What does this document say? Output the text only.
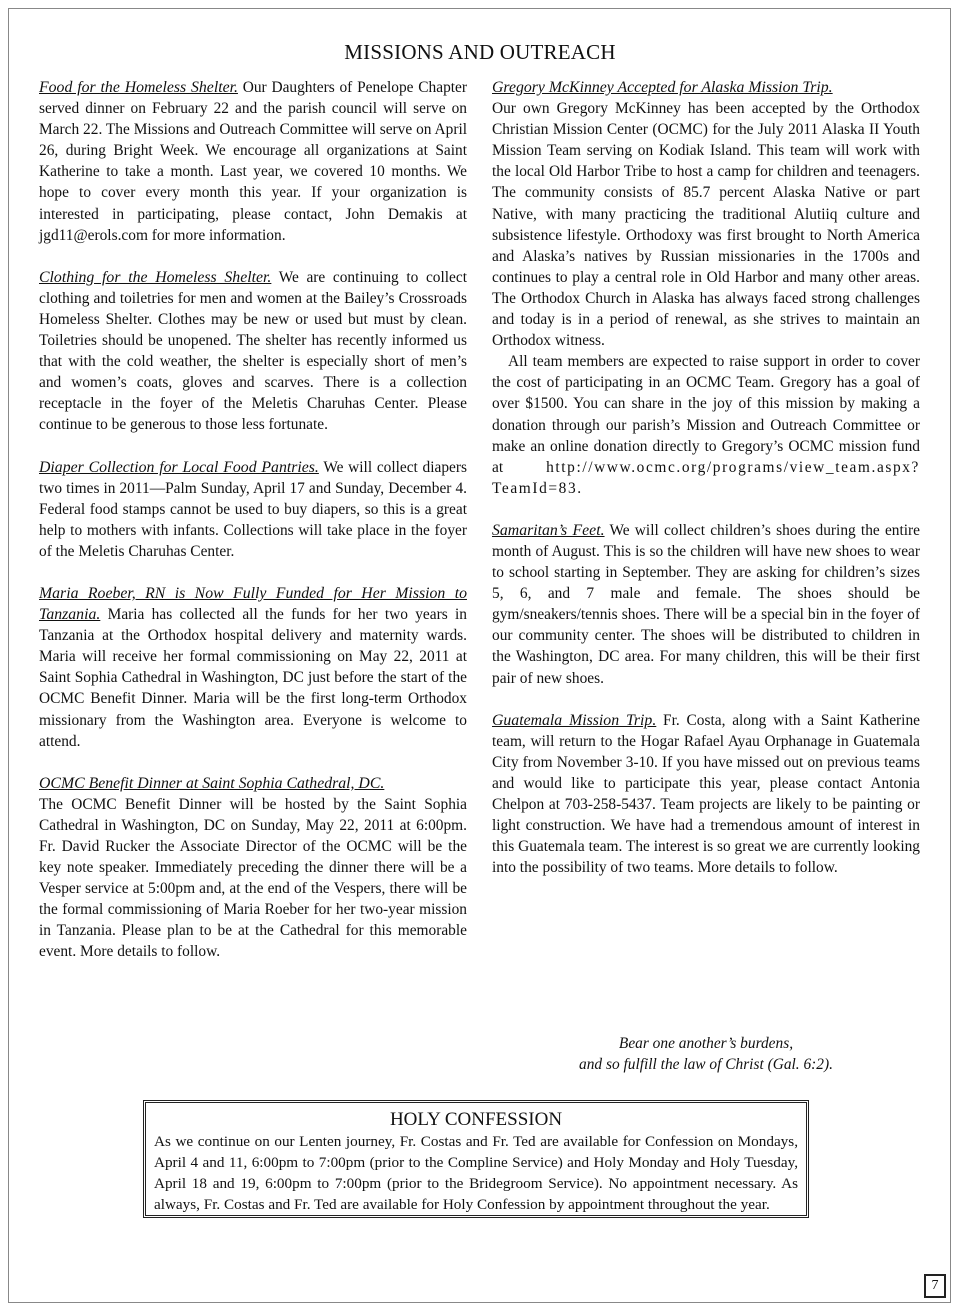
MISSIONS AND OUTREACH

Food for the Homeless Shelter. Our Daughters of Penelope Chapter served dinner on February 22 and the parish council will serve on March 22. The Missions and Outreach Committee will serve on April 26, during Bright Week. We encourage all organizations at Saint Katherine to take a month. Last year, we covered 10 months. We hope to cover every month this year. If your organization is interested in participating, please contact, John Demakis at jgd11@erols.com for more information.

Clothing for the Homeless Shelter. We are continuing to collect clothing and toiletries for men and women at the Bailey’s Crossroads Homeless Shelter. Clothes may be new or used but must by clean. Toiletries should be unopened. The shelter has recently informed us that with the cold weather, the shelter is especially short of men’s and women’s coats, gloves and scarves. There is a collection receptacle in the foyer of the Meletis Charuhas Center. Please continue to be generous to those less fortunate.

Diaper Collection for Local Food Pantries. We will collect diapers two times in 2011—Palm Sunday, April 17 and Sunday, December 4. Federal food stamps cannot be used to buy diapers, so this is a great help to mothers with infants. Collections will take place in the foyer of the Meletis Charuhas Center.

Maria Roeber, RN is Now Fully Funded for Her Mission to Tanzania. Maria has collected all the funds for her two years in Tanzania at the Orthodox hospital delivery and maternity wards. Maria will receive her formal commissioning on May 22, 2011 at Saint Sophia Cathedral in Washington, DC just before the start of the OCMC Benefit Dinner. Maria will be the first long-term Orthodox missionary from the Washington area. Everyone is welcome to attend.

OCMC Benefit Dinner at Saint Sophia Cathedral, DC.
The OCMC Benefit Dinner will be hosted by the Saint Sophia Cathedral in Washington, DC on Sunday, May 22, 2011 at 6:00pm. Fr. David Rucker the Associate Director of the OCMC will be the key note speaker. Immediately preceding the dinner there will be a Vesper service at 5:00pm and, at the end of the Vespers, there will be the formal commissioning of Maria Roeber for her two-year mission in Tanzania. Please plan to be at the Cathedral for this memorable event. More details to follow.

Gregory McKinney Accepted for Alaska Mission Trip.
Our own Gregory McKinney has been accepted by the Orthodox Christian Mission Center (OCMC) for the July 2011 Alaska II Youth Mission Team serving on Kodiak Island. This team will work with the local Old Harbor Tribe to host a camp for children and teenagers. The community consists of 85.7 percent Alaska Native or part Native, with many practicing the traditional Alutiiq culture and subsistence lifestyle. Orthodoxy was first brought to North America and Alaska’s natives by Russian missionaries in the 1700s and continues to play a central role in Old Harbor and many other areas. The Orthodox Church in Alaska has always faced strong challenges and today is in a period of renewal, as she strives to maintain an Orthodox witness.

All team members are expected to raise support in order to cover the cost of participating in an OCMC Team. Gregory has a goal of over $1500. You can share in the joy of this mission by making a donation through our parish’s Mission and Outreach Committee or make an online donation directly to Gregory’s OCMC mission fund at http://www.ocmc.org/programs/view_team.aspx?TeamId=83.

Samaritan’s Feet. We will collect children’s shoes during the entire month of August. This is so the children will have new shoes to wear to school starting in September. They are asking for children’s sizes 5, 6, and 7 male and female. The shoes should be gym/sneakers/tennis shoes. There will be a special bin in the foyer of our community center. The shoes will be distributed to children in the Washington, DC area. For many children, this will be their first pair of new shoes.

Guatemala Mission Trip. Fr. Costa, along with a Saint Katherine team, will return to the Hogar Rafael Ayau Orphanage in Guatemala City from November 3-10. If you have missed out on previous teams and would like to participate this year, please contact Antonia Chelpon at 703-258-5437. Team projects are likely to be painting or light construction. We have had a tremendous amount of interest in this Guatemala team. The interest is so great we are currently looking into the possibility of two teams. More details to follow.

Bear one another’s burdens,
and so fulfill the law of Christ (Gal. 6:2).

HOLY CONFESSION

As we continue on our Lenten journey, Fr. Costas and Fr. Ted are available for Confession on Mondays, April 4 and 11, 6:00pm to 7:00pm (prior to the Compline Service) and Holy Monday and Holy Tuesday, April 18 and 19, 6:00pm to 7:00pm (prior to the Bridegroom Service). No appointment necessary. As always, Fr. Costas and Fr. Ted are available for Holy Confession by appointment throughout the year.

7
